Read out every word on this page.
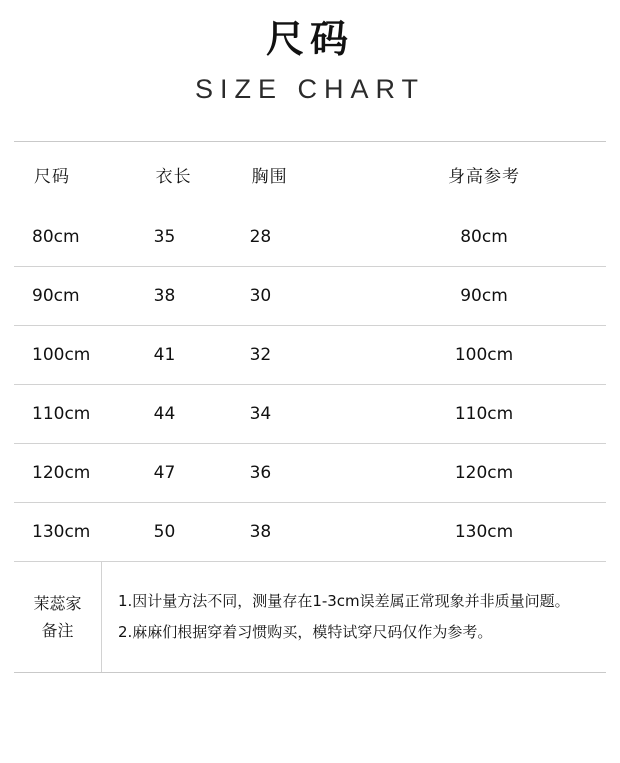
尺码
SIZE CHART
尺码	衣长	胸围	身高参考
80cm	35	28	80cm
90cm	38	30	90cm
100cm	41	32	100cm
110cm	44	34	110cm
120cm	47	36	120cm
130cm	50	38	130cm

茉蕊家
备注

1.因计量方法不同，测量存在1-3cm误差属正常现象并非质量问题。

2.麻麻们根据穿着习惯购买，模特试穿尺码仅作为参考。			
